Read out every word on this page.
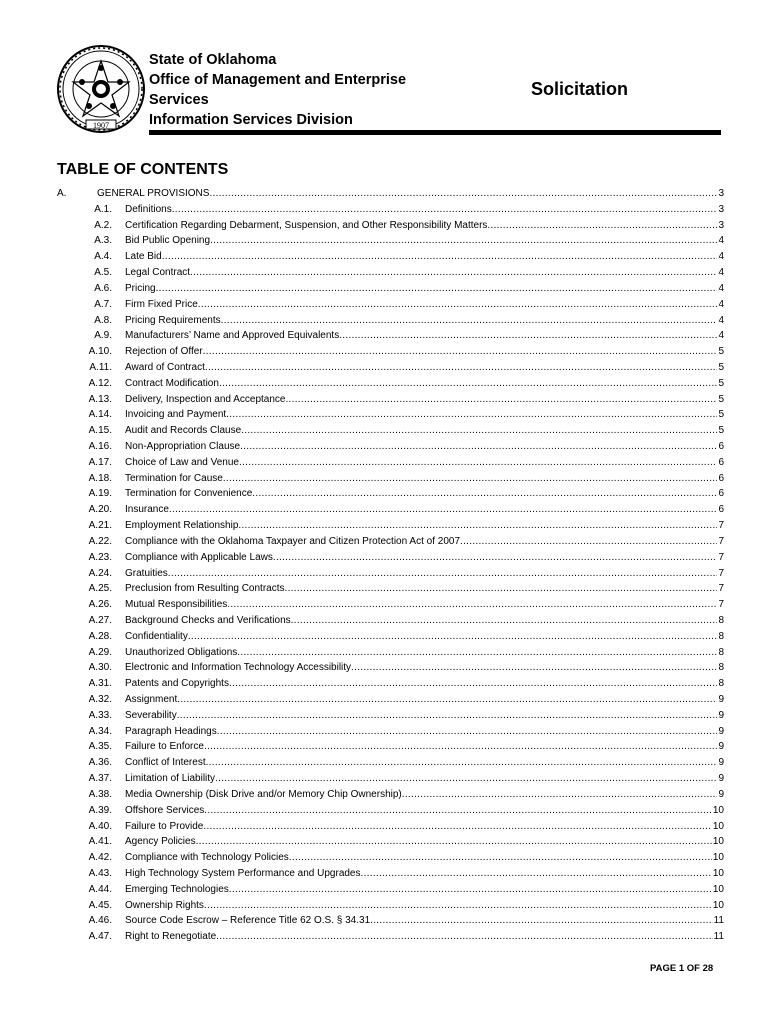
1907
State of Oklahoma
Office of Management and Enterprise
Services
Information Services Division
Solicitation
TABLE OF CONTENTS
A.	GENERAL PROVISIONS .....	3
A.1. Definitions .....	3
A.2. Certification Regarding Debarment, Suspension, and Other Responsibility Matters .....	3
A.3. Bid Public Opening .....	4
A.4. Late Bid .....	4
A.5. Legal Contract .....	4
A.6. Pricing .....	4
A.7. Firm Fixed Price .....	4
A.8. Pricing Requirements .....	4
A.9. Manufacturers’ Name and Approved Equivalents .....	4
A.10. Rejection of Offer .....	5
A.11. Award of Contract .....	5
A.12. Contract Modification .....	5
A.13. Delivery, Inspection and Acceptance .....	5
A.14. Invoicing and Payment .....	5
A.15. Audit and Records Clause .....	5
A.16. Non-Appropriation Clause .....	6
A.17. Choice of Law and Venue .....	6
A.18. Termination for Cause .....	6
A.19. Termination for Convenience .....	6
A.20. Insurance .....	6
A.21. Employment Relationship .....	7
A.22. Compliance with the Oklahoma Taxpayer and Citizen Protection Act of 2007 .....	7
A.23. Compliance with Applicable Laws .....	7
A.24. Gratuities .....	7
A.25. Preclusion from Resulting Contracts .....	7
A.26. Mutual Responsibilities .....	7
A.27. Background Checks and Verifications .....	8
A.28. Confidentiality .....	8
A.29. Unauthorized Obligations .....	8
A.30. Electronic and Information Technology Accessibility .....	8
A.31. Patents and Copyrights .....	8
A.32. Assignment .....	9
A.33. Severability .....	9
A.34. Paragraph Headings .....	9
A.35. Failure to Enforce .....	9
A.36. Conflict of Interest .....	9
A.37. Limitation of Liability .....	9
A.38. Media Ownership (Disk Drive and/or Memory Chip Ownership) .....	9
A.39. Offshore Services .....	10
A.40. Failure to Provide .....	10
A.41. Agency Policies .....	10
A.42. Compliance with Technology Policies .....	10
A.43. High Technology System Performance and Upgrades .....	10
A.44. Emerging Technologies .....	10
A.45. Ownership Rights .....	10
A.46. Source Code Escrow – Reference Title 62 O.S. § 34.31 .....	11
A.47. Right to Renegotiate .....	11
PAGE 1 OF 28
